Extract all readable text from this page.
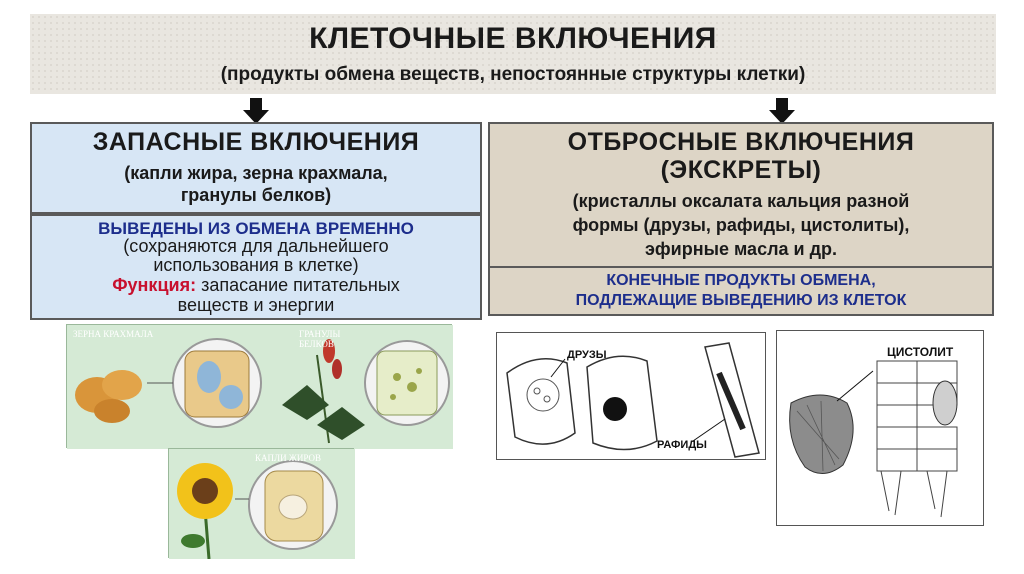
КЛЕТОЧНЫЕ ВКЛЮЧЕНИЯ
(продукты обмена веществ, непостоянные структуры клетки)
ЗАПАСНЫЕ ВКЛЮЧЕНИЯ
(капли жира, зерна крахмала,
гранулы белков)
ВЫВЕДЕНЫ ИЗ ОБМЕНА ВРЕМЕННО
(сохраняются для дальнейшего
использования в клетке)
Функция: запасание питательных
веществ и энергии
ОТБРОСНЫЕ ВКЛЮЧЕНИЯ
(ЭКСКРЕТЫ)
(кристаллы оксалата кальция разной
формы (друзы, рафиды, цистолиты),
эфирные масла и др.
КОНЕЧНЫЕ ПРОДУКТЫ ОБМЕНА,
ПОДЛЕЖАЩИЕ ВЫВЕДЕНИЮ ИЗ КЛЕТОК
ЗЕРНА КРАХМАЛА	ГРАНУЛЫ
БЕЛКОВ
КАПЛИ ЖИРОВ
ДРУЗЫ
РАФИДЫ
ЦИСТОЛИТ
